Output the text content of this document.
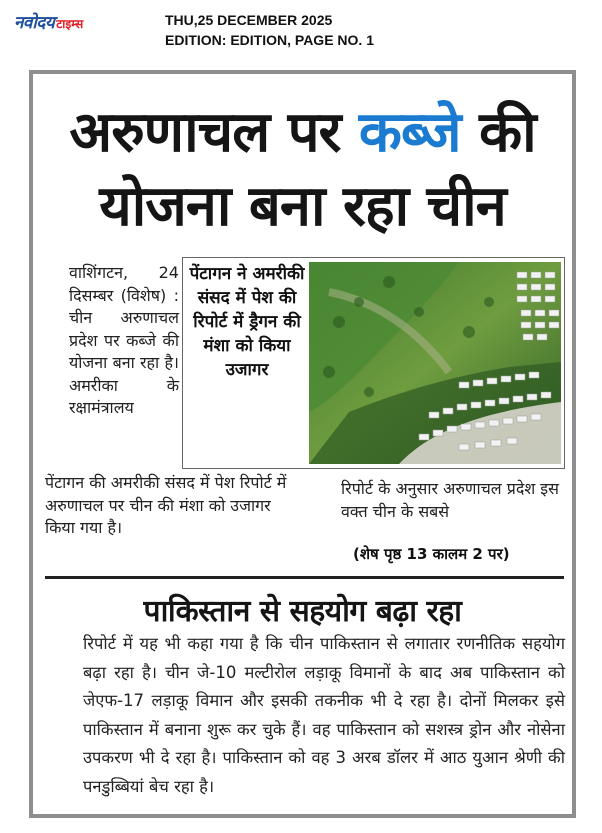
नवोदय टाइम्स	THU,25 DECEMBER 2025
EDITION: EDITION, PAGE NO. 1
अरुणाचल पर कब्जे की
योजना बना रहा चीन

वाशिंगटन, 24 दिसम्बर (विशेष) : चीन अरुणाचल प्रदेश पर कब्जे की योजना बना रहा है। अमरीका के रक्षामंत्रालय

पेंटागन ने अमरीकी संसद में पेश की रिपोर्ट में ड्रैगन की मंशा को किया उजागर

पेंटागन की अमरीकी संसद में पेश रिपोर्ट में अरुणाचल पर चीन की मंशा को उजागर किया गया है।

रिपोर्ट के अनुसार अरुणाचल प्रदेश इस वक्त चीन के सबसे

(शेष पृष्ठ 13 कालम 2 पर)
पाकिस्तान से सहयोग बढ़ा रहा

रिपोर्ट में यह भी कहा गया है कि चीन पाकिस्तान से लगातार रणनीतिक सहयोग बढ़ा रहा है। चीन जे-10 मल्टीरोल लड़ाकू विमानों के बाद अब पाकिस्तान को जेएफ-17 लड़ाकू विमान और इसकी तकनीक भी दे रहा है। दोनों मिलकर इसे पाकिस्तान में बनाना शुरू कर चुके हैं। वह पाकिस्तान को सशस्त्र ड्रोन और नोसेना उपकरण भी दे रहा है। पाकिस्तान को वह 3 अरब डॉलर में आठ युआन श्रेणी की पनडुब्बियां बेच रहा है।
